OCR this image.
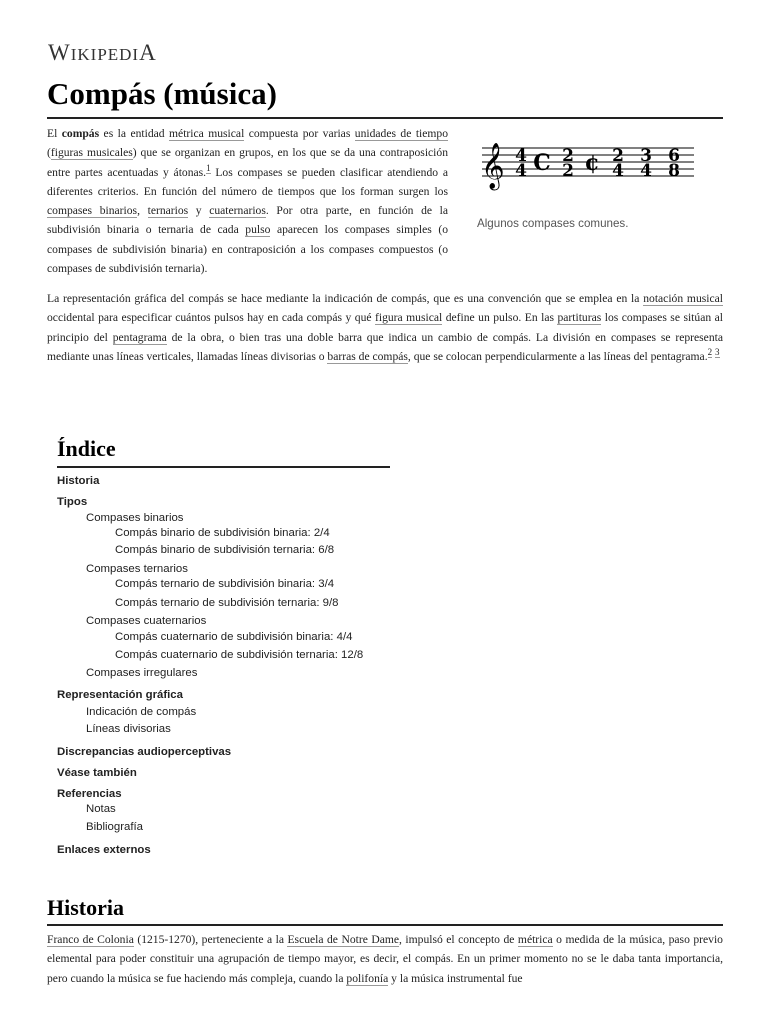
WIKIPEDIA
Compás (música)
El compás es la entidad métrica musical compuesta por varias unidades de tiempo (figuras musicales) que se organizan en grupos, en los que se da una contraposición entre partes acentuadas y átonas.$^1$ Los compases se pueden clasificar atendiendo a diferentes criterios. En función del número de tiempos que los forman surgen los compases binarios, ternarios y cuaternarios. Por otra parte, en función de la subdivisión binaria o ternaria de cada pulso aparecen los compases simples (o compases de subdivisión binaria) en contraposición a los compases compuestos (o compases de subdivisión ternaria).
𝄞 4
4 C 2
2 ¢ 2
4
3
4
6
8
Algunos compases comunes.
La representación gráfica del compás se hace mediante la indicación de compás, que es una convención que se emplea en la notación musical occidental para especificar cuántos pulsos hay en cada compás y qué figura musical define un pulso. En las partituras los compases se sitúan al principio del pentagrama de la obra, o bien tras una doble barra que indica un cambio de compás. La división en compases se representa mediante unas líneas verticales, llamadas líneas divisorias o barras de compás, que se colocan perpendicularmente a las líneas del pentagrama.$^2$ $^3$
Índice
Historia
Tipos
Compases binarios
Compás binario de subdivisión binaria: 2/4
Compás binario de subdivisión ternaria: 6/8
Compases ternarios
Compás ternario de subdivisión binaria: 3/4
Compás ternario de subdivisión ternaria: 9/8
Compases cuaternarios
Compás cuaternario de subdivisión binaria: 4/4
Compás cuaternario de subdivisión ternaria: 12/8
Compases irregulares
Representación gráfica
Indicación de compás
Líneas divisorias
Discrepancias audioperceptivas
Véase también
Referencias
Notas
Bibliografía
Enlaces externos
Historia
Franco de Colonia (1215-1270), perteneciente a la Escuela de Notre Dame, impulsó el concepto de métrica o medida de la música, paso previo elemental para poder constituir una agrupación de tiempo mayor, es decir, el compás. En un primer momento no se le daba tanta importancia, pero cuando la música se fue haciendo más compleja, cuando la polifonía y la música instrumental fue
